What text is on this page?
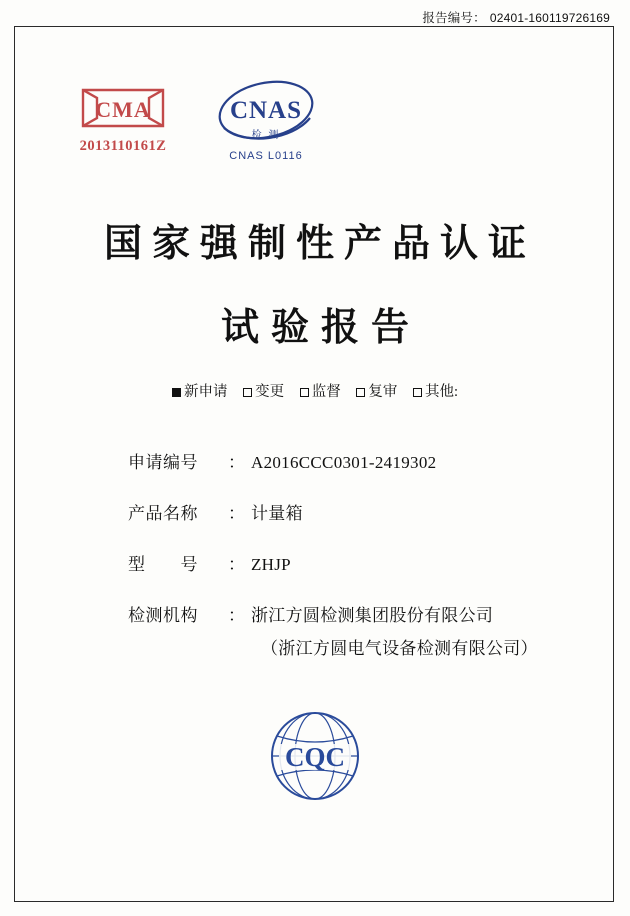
报告编号： 02401-160119726169
CMA
2013110161Z
CNAS
检 测
CNAS L0116
国家强制性产品认证
试验报告
新申请 变更 监督 复审 其他:
申请编号	： A2016CCC0301-2419302
产品名称	： 计量箱
型　　号	： ZHJP
检测机构	： 浙江方圆检测集团股份有限公司
（浙江方圆电气设备检测有限公司）
CQC
